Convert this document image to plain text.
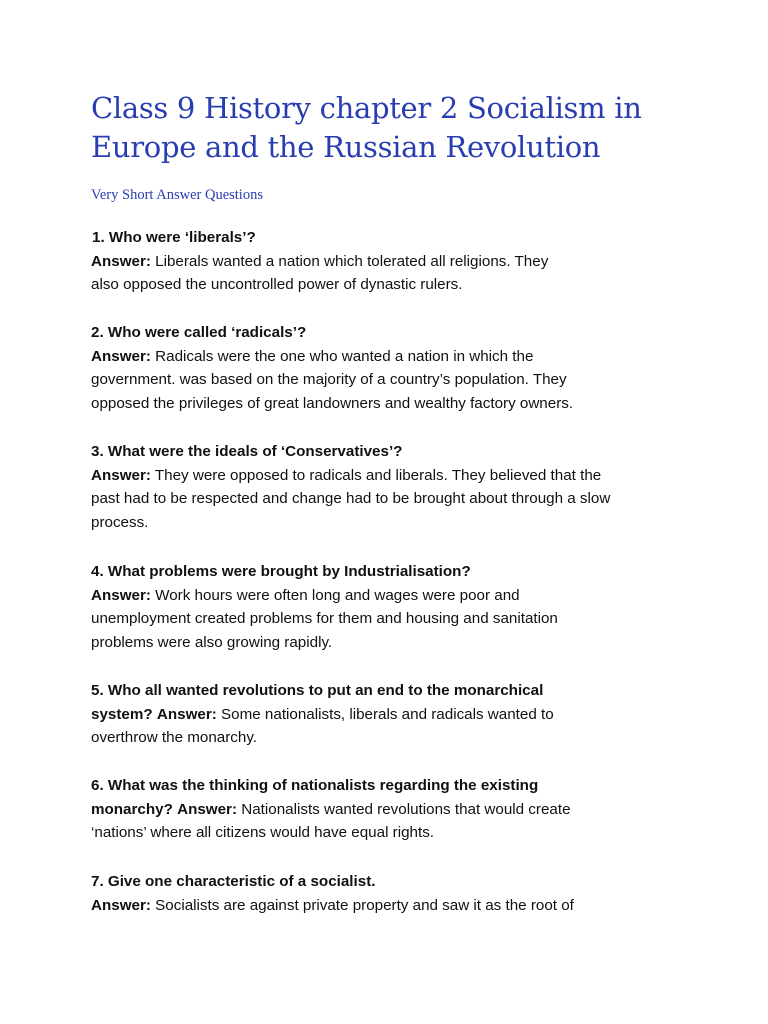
Class 9 History chapter 2 Socialism in Europe and the Russian Revolution
Very Short Answer Questions
1. Who were ‘liberals’?
Answer: Liberals wanted a nation which tolerated all religions. They
also opposed the uncontrolled power of dynastic rulers.
2. Who were called ‘radicals’?
Answer: Radicals were the one who wanted a nation in which the
government. was based on the majority of a country’s population. They
opposed the privileges of great landowners and wealthy factory owners.
3. What were the ideals of ‘Conservatives’?
Answer: They were opposed to radicals and liberals. They believed that the
past had to be respected and change had to be brought about through a slow
process.
4. What problems were brought by Industrialisation?
Answer: Work hours were often long and wages were poor and
unemployment created problems for them and housing and sanitation
problems were also growing rapidly.
5. Who all wanted revolutions to put an end to the monarchical
system? Answer: Some nationalists, liberals and radicals wanted to
overthrow the monarchy.
6. What was the thinking of nationalists regarding the existing
monarchy? Answer: Nationalists wanted revolutions that would create
‘nations’ where all citizens would have equal rights.
7. Give one characteristic of a socialist.
Answer: Socialists are against private property and saw it as the root of
